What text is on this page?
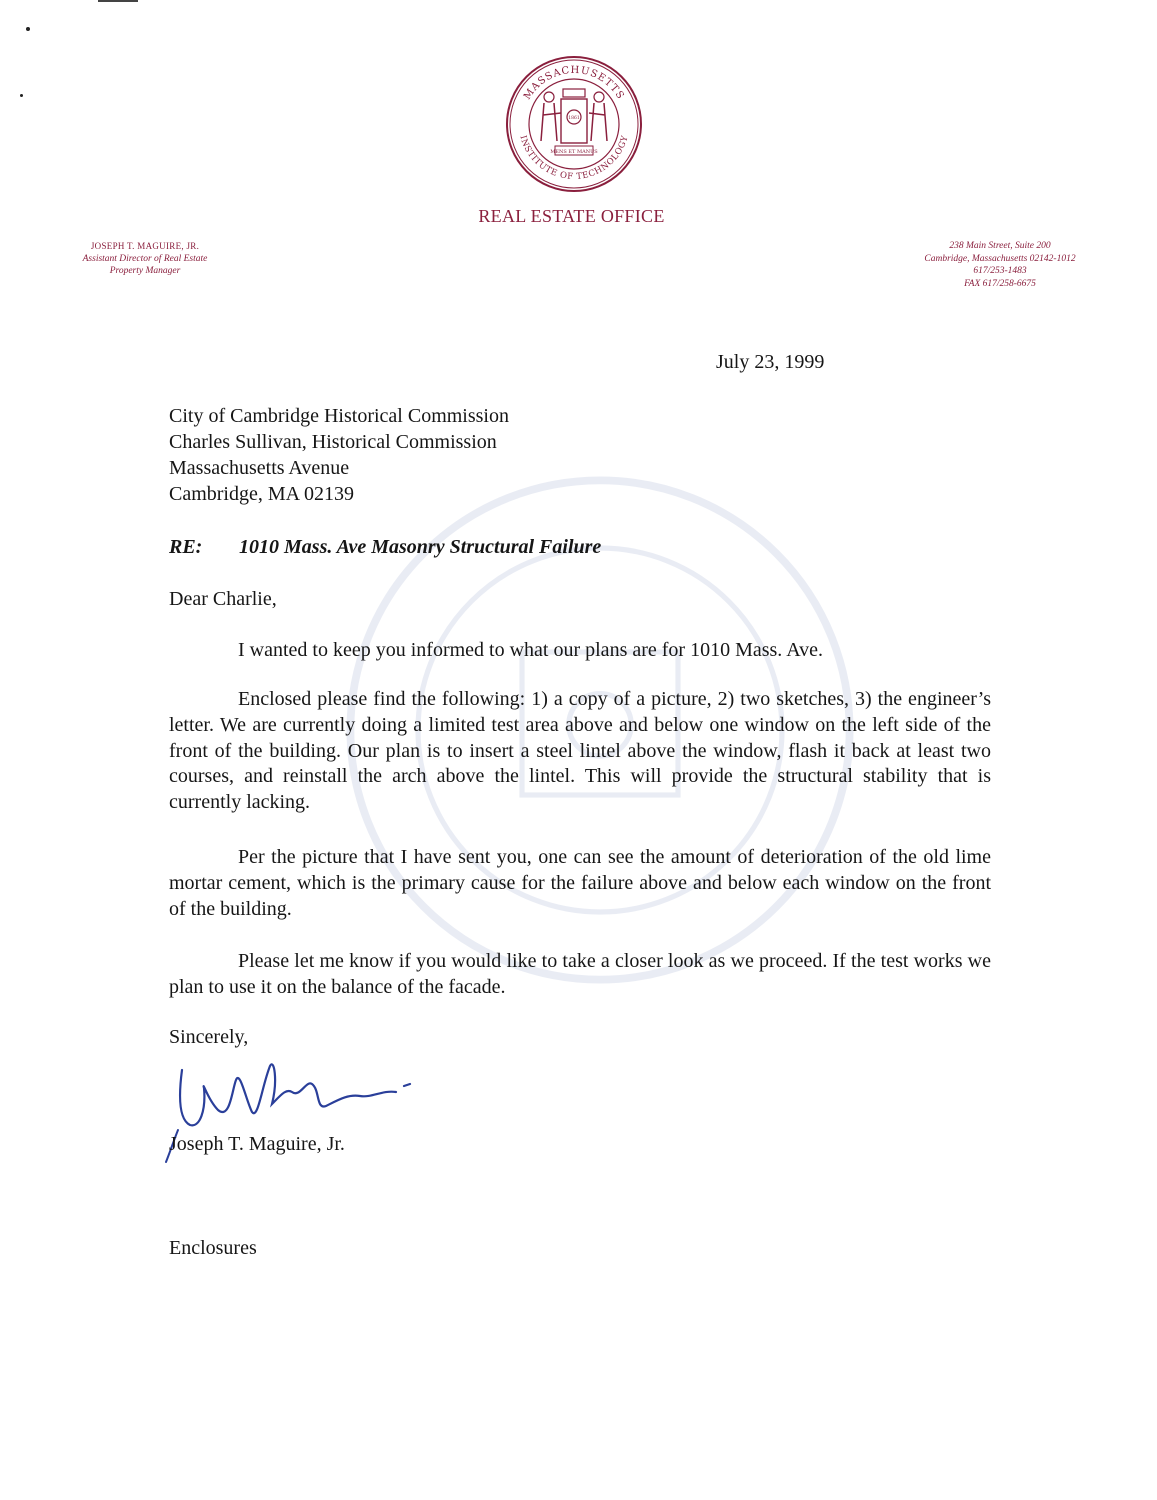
MASSACHUSETTS
INSTITUTE OF TECHNOLOGY
1861
MENS ET MANUS
REAL ESTATE OFFICE
JOSEPH T. MAGUIRE, JR.
Assistant Director of Real Estate
Property Manager
238 Main Street, Suite 200
Cambridge, Massachusetts 02142-1012
617/253-1483
FAX 617/258-6675
July 23, 1999
City of Cambridge Historical Commission
Charles Sullivan, Historical Commission
Massachusetts Avenue
Cambridge, MA 02139
RE: 1010 Mass. Ave Masonry Structural Failure
Dear Charlie,
I wanted to keep you informed to what our plans are for 1010 Mass. Ave.
Enclosed please find the following: 1) a copy of a picture, 2) two sketches, 3) the engineer’s letter. We are currently doing a limited test area above and below one window on the left side of the front of the building. Our plan is to insert a steel lintel above the window, flash it back at least two courses, and reinstall the arch above the lintel. This will provide the structural stability that is currently lacking.
Per the picture that I have sent you, one can see the amount of deterioration of the old lime mortar cement, which is the primary cause for the failure above and below each window on the front of the building.
Please let me know if you would like to take a closer look as we proceed. If the test works we plan to use it on the balance of the facade.
Sincerely,
Joseph T. Maguire, Jr.
Enclosures
